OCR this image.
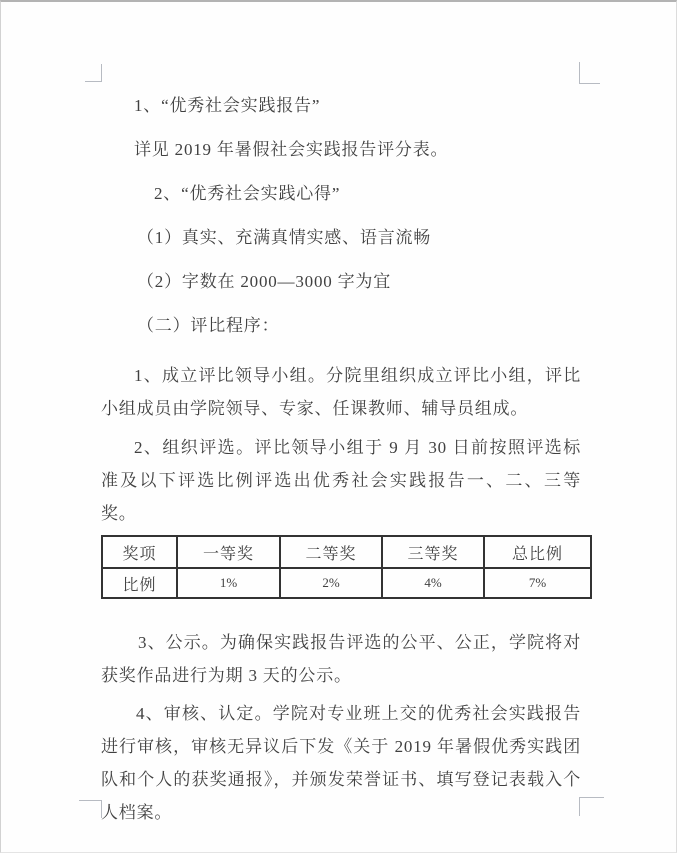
1、“优秀社会实践报告”

详见 2019 年暑假社会实践报告评分表。

2、“优秀社会实践心得”

（1）真实、充满真情实感、语言流畅

（2）字数在 2000—3000 字为宜

（二）评比程序：

1、成立评比领导小组。分院里组织成立评比小组，评比小组成员由学院领导、专家、任课教师、辅导员组成。

2、组织评选。评比领导小组于 9 月 30 日前按照评选标准及以下评选比例评选出优秀社会实践报告一、二、三等奖。

奖项	一等奖	二等奖	三等奖	总比例
比例	1%	2%	4%	7%

3、公示。为确保实践报告评选的公平、公正，学院将对获奖作品进行为期 3 天的公示。

4、审核、认定。学院对专业班上交的优秀社会实践报告进行审核，审核无异议后下发《关于 2019 年暑假优秀实践团队和个人的获奖通报》，并颁发荣誉证书、填写登记表载入个人档案。
